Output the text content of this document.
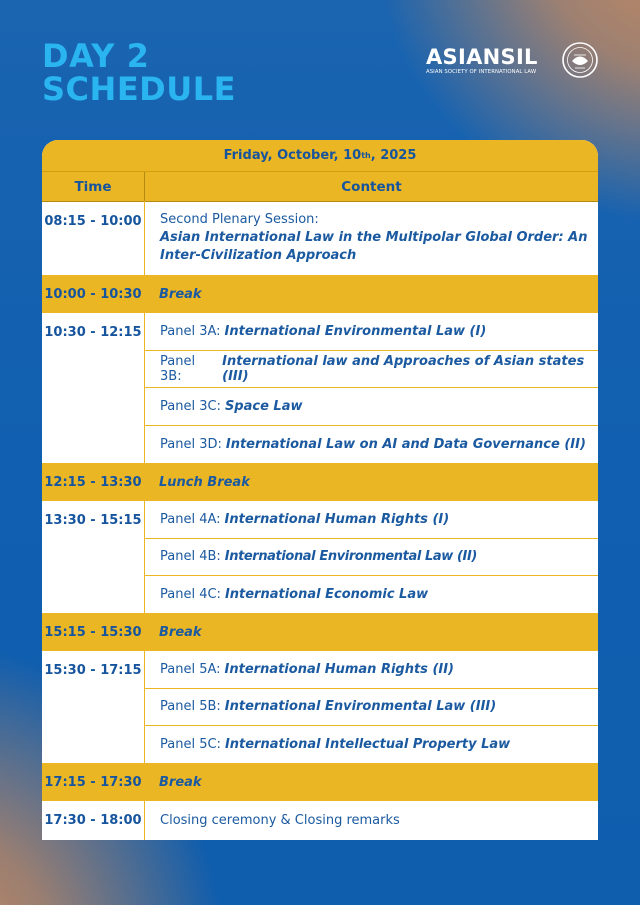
DAY 2
SCHEDULE
ASIANSIL
ASIAN SOCIETY OF INTERNATIONAL LAW
Friday, October, 10 th , 2025
Time	Content
08:15 - 10:00 Second Plenary Session:
Asian International Law in the Multipolar Global Order: An Inter-Civilization Approach
10:00 - 10:30	Break
10:30 - 12:15 Panel 3A: International Environmental Law (I)
Panel 3B:
International law and Approaches of Asian states (III)
Panel 3C: Space Law
Panel 3D: International Law on AI and Data Governance (II)
12:15 - 13:30	Lunch Break
13:30 - 15:15 Panel 4A: International Human Rights (I)
Panel 4B: International Environmental Law (II)
Panel 4C: International Economic Law
15:15 - 15:30	Break
15:30 - 17:15 Panel 5A: International Human Rights (II)
Panel 5B: International Environmental Law (III)
Panel 5C: International Intellectual Property Law
17:15 - 17:30	Break
17:30 - 18:00	Closing ceremony & Closing remarks
